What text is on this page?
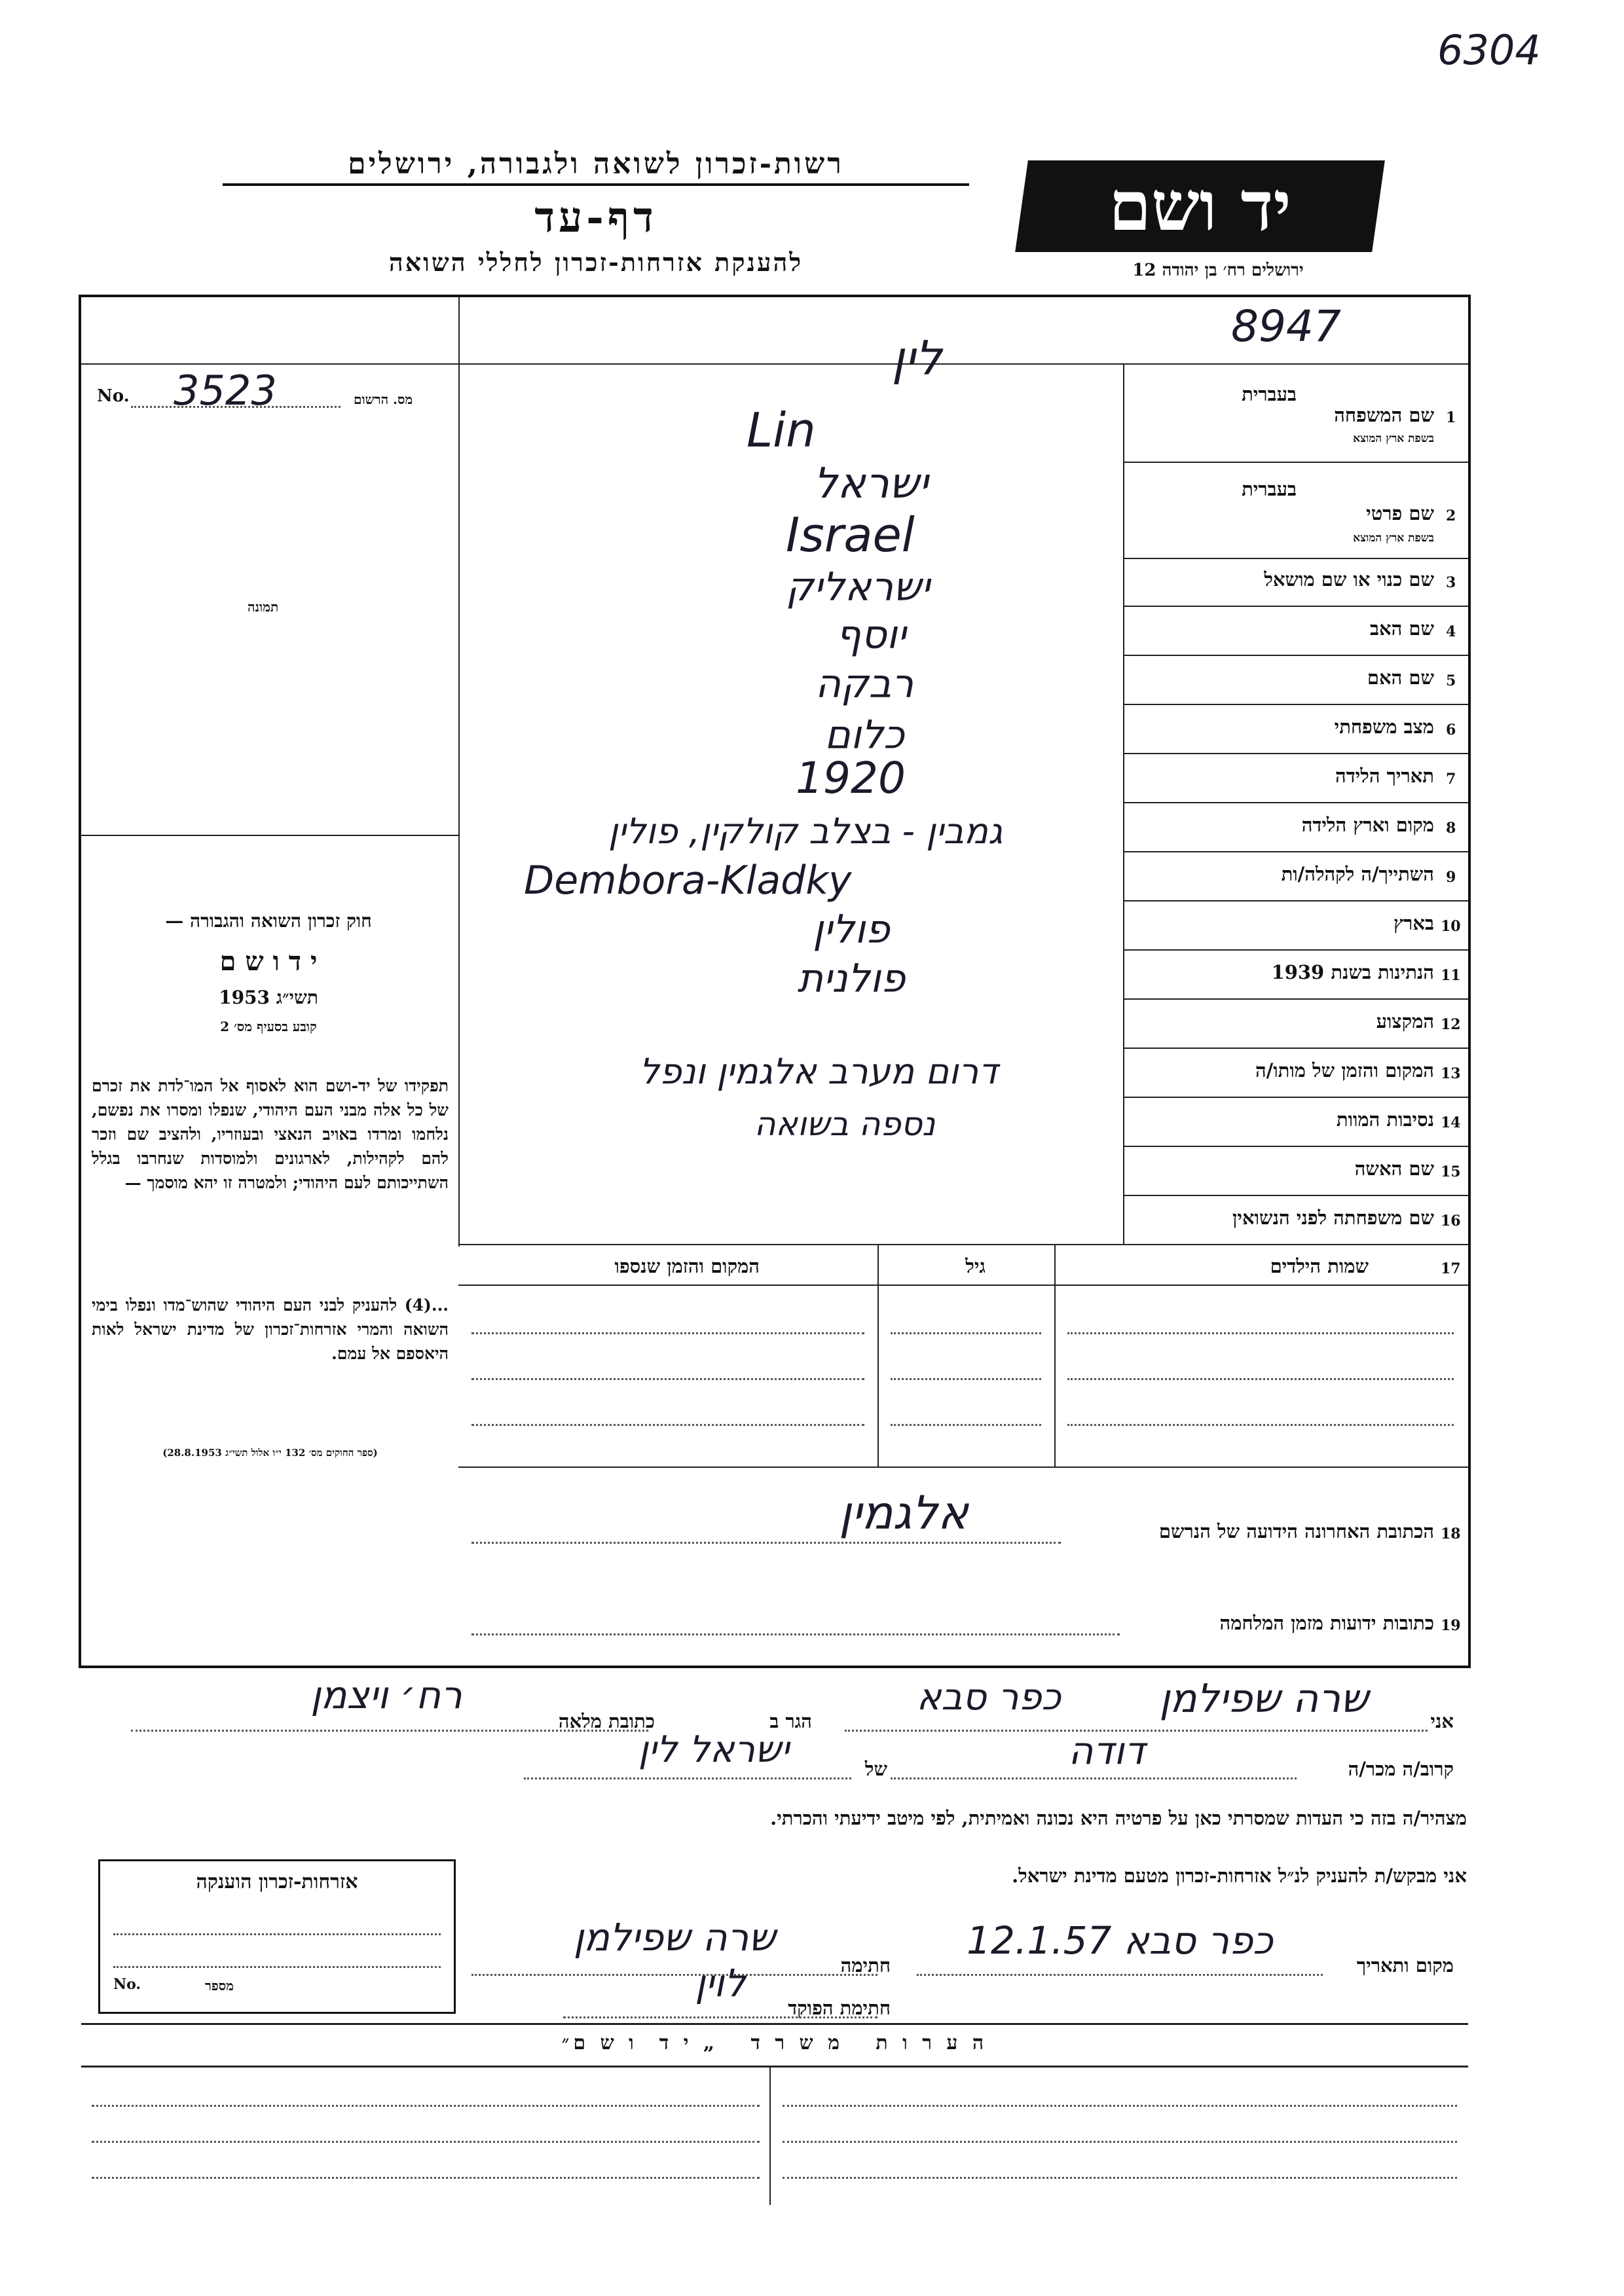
6304
רשות-זכרון לשואה ולגבורה, ירושלים
דף-עד
להענקת אזרחות-זכרון לחללי השואה
יד ושם
ירושלים רח׳ בן יהודה 12
8947
No. 3523	מס. הרשום
תמונה
חוק זכרון השואה והגבורה —
י ד ו ש ם
תשי״ג 1953
קובע בסעיף מס׳ 2
תפקידו של יד-ושם הוא לאסוף אל המו־לדת את זכרם של כל אלה מבני העם היהודי, שנפלו ומסרו את נפשם, נלחמו ומרדו באויב הנאצי ובעוזריו, ולהציב שם וזכר להם לקהילות, לארגונים ולמוסדות שנחרבו בגלל השתייכותם לעם היהודי; ולמטרה זו יהא מוסמך —
...(4) להעניק לבני העם היהודי שהוש־מדו ונפלו בימי השואה והמרי אזרחות־זכרון של מדינת ישראל לאות היאספם אל עמם.
(ספר החוקים מס׳ 132 י״ו אלול תשי״ג 28.8.1953)
בעברית
1
שם המשפחה
בשפת ארץ המוצא
בעברית
2
שם פרטי
בשפת ארץ המוצא
3
שם כנוי או שם מושאל
4
שם האב
5
שם האם
6
מצב משפחתי
7
תאריך הלידה
8
מקום וארץ הלידה
9
השתייך/ה לקהלה/ות
10
בארץ
11
הנתינות בשנת 1939
12
המקצוע
13
המקום והזמן של מותו/ה
14
נסיבות המוות
15
שם האשה
16
שם משפחתה לפני הנשואין
לין
Lin
ישראל
Israel
ישראליק
יוסף
רבקה
כלום
1920
גמבין - בצלב קולקין, פולין
Dembora-Kladky
פולין
פולנית
דרום מערב אלגמין ונפל
נספה בשואה
17
שמות הילדים
גיל
המקום והזמן שנספו
18
הכתובת האחרונה הידועה של הנרשם
אלגמין
19
כתובות ידועות מזמן המלחמה
אני
שרה שפילמן
הגר ב
כפר סבא
כתובת מלאה
רח׳ ויצמן
קרוב/ה מכר/ה
דודה
של
ישראל לין
מצהיר/ה בזה כי העדות שמסרתי כאן על פרטיה היא נכונה ואמיתית, לפי מיטב ידיעתי והכרתי.
אני מבקש/ת להעניק לנ״ל אזרחות-זכרון מטעם מדינת ישראל.
מקום ותאריך
כפר סבא 12.1.57
חתימה
שרה שפילמן
חתימת הפוקד
לוין
אזרחות-זכרון הוענקה
No.	מספר
ה ע ר ו ת   מ ש ר ד   „ י ד  ו ש ם״
